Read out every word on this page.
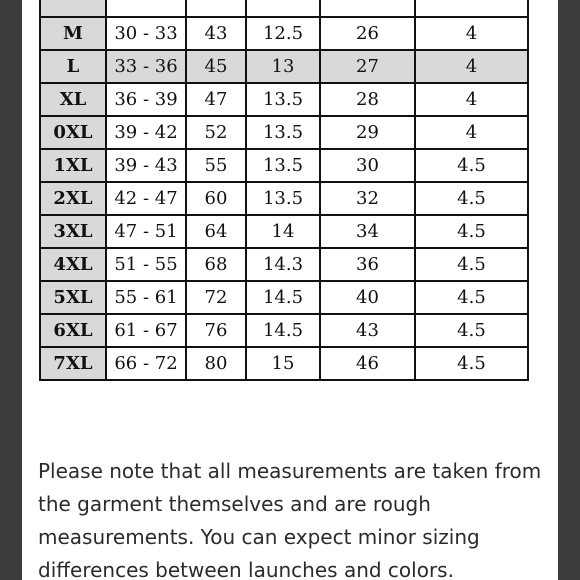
M	30 - 33	43	12.5	26	4
L	33 - 36	45	13	27	4
XL	36 - 39	47	13.5	28	4
0XL	39 - 42	52	13.5	29	4
1XL	39 - 43	55	13.5	30	4.5
2XL	42 - 47	60	13.5	32	4.5
3XL	47 - 51	64	14	34	4.5
4XL	51 - 55	68	14.3	36	4.5
5XL	55 - 61	72	14.5	40	4.5
6XL	61 - 67	76	14.5	43	4.5
7XL	66 - 72	80	15	46	4.5

Please note that all measurements are taken from the garment themselves and are rough measurements. You can expect minor sizing differences between launches and colors.
